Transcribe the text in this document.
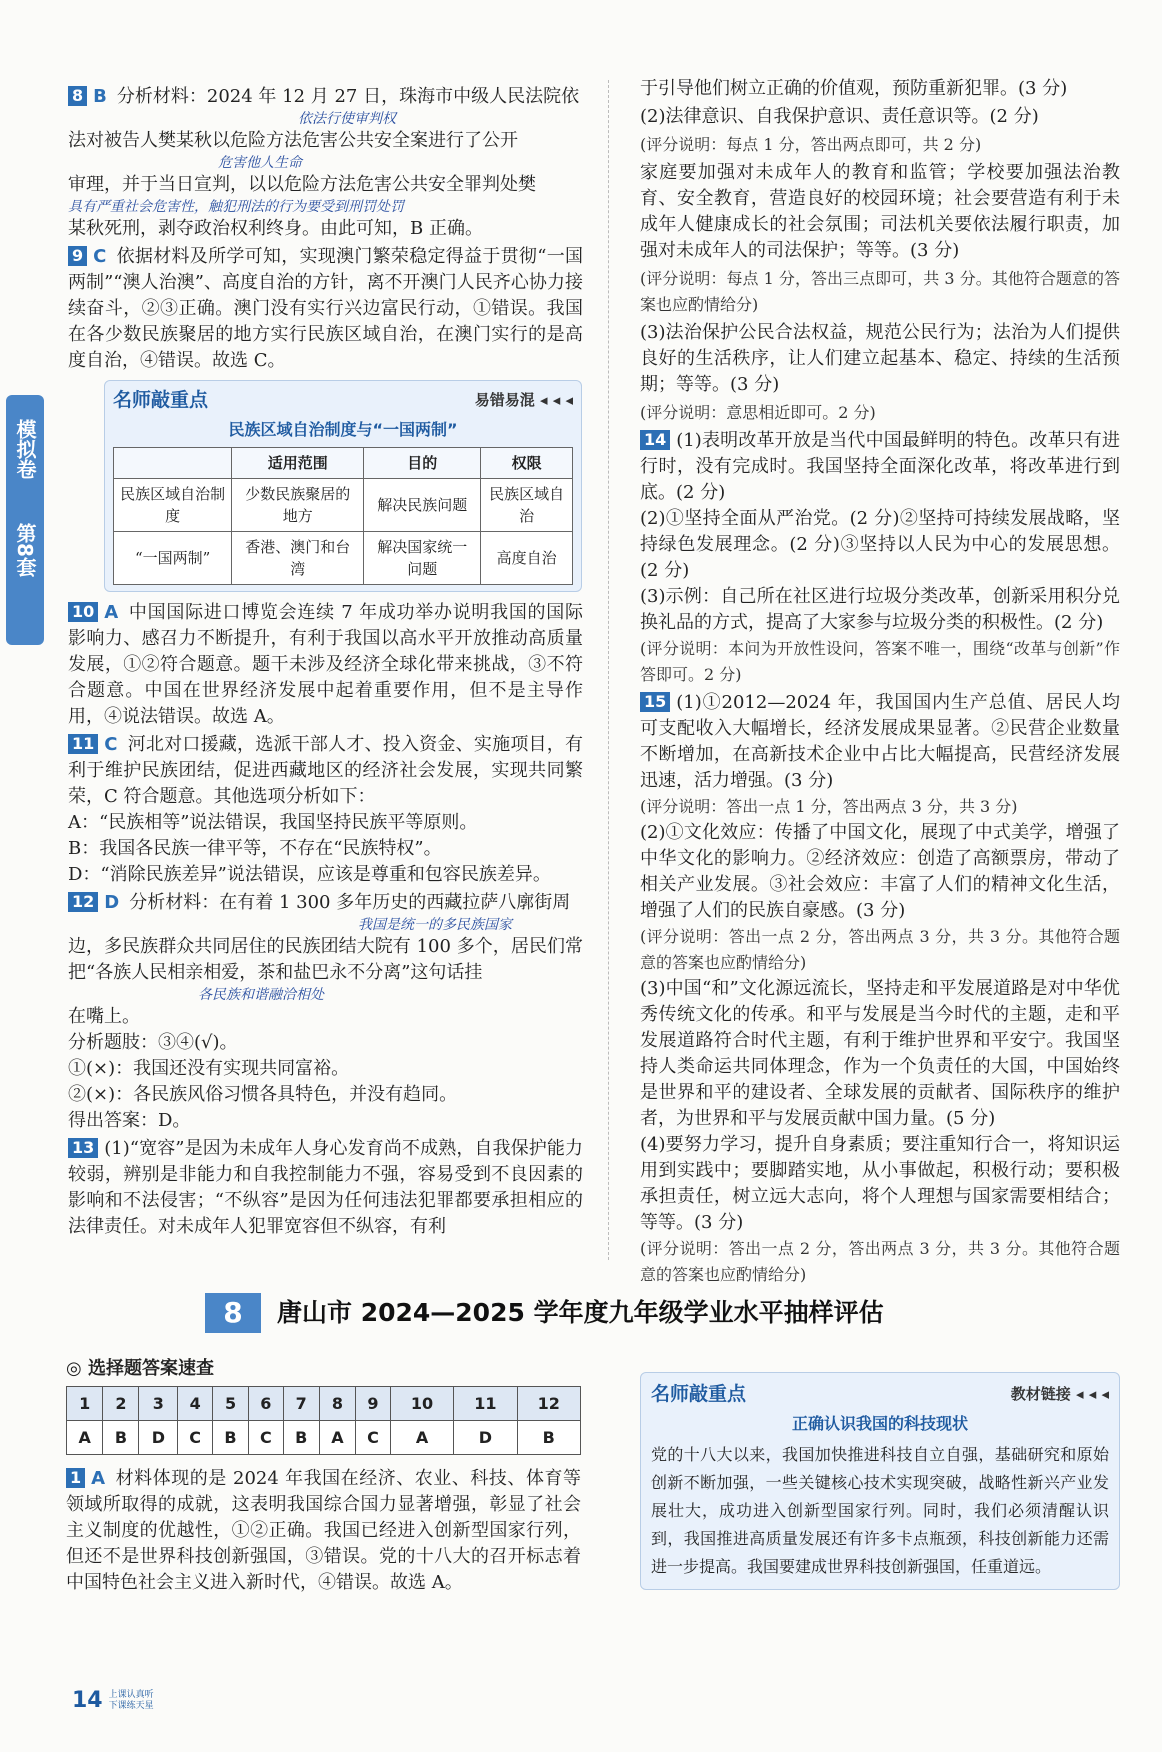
模拟卷
第8套
8 B 分析材料：2024 年 12 月 27 日，珠海市中级人民法院依
依法行使审判权
法对被告人樊某秋以危险方法危害公共安全案进行了公开
危害他人生命
审理，并于当日宣判，以以危险方法危害公共安全罪判处樊
具有严重社会危害性，触犯刑法的行为要受到刑罚处罚
某秋死刑，剥夺政治权利终身。由此可知，B 正确。
9 C 依据材料及所学可知，实现澳门繁荣稳定得益于贯彻“一国两制”“澳人治澳”、高度自治的方针，离不开澳门人民齐心协力接续奋斗，②③正确。澳门没有实行兴边富民行动，①错误。我国在各少数民族聚居的地方实行民族区域自治，在澳门实行的是高度自治，④错误。故选 C。
名师敲重点	易错易混 ◂ ◂ ◂
民族区域自治制度与“一国两制”
	适用范围	目的	权限
民族区域自治制度	少数民族聚居的地方	解决民族问题	民族区域自治
“一国两制”	香港、澳门和台湾	解决国家统一问题	高度自治
10 A 中国国际进口博览会连续 7 年成功举办说明我国的国际影响力、感召力不断提升，有利于我国以高水平开放推动高质量发展，①②符合题意。题干未涉及经济全球化带来挑战，③不符合题意。中国在世界经济发展中起着重要作用，但不是主导作用，④说法错误。故选 A。
11 C 河北对口援藏，选派干部人才、投入资金、实施项目，有利于维护民族团结，促进西藏地区的经济社会发展，实现共同繁荣，C 符合题意。其他选项分析如下：
A：“民族相等”说法错误，我国坚持民族平等原则。
B：我国各民族一律平等，不存在“民族特权”。
D：“消除民族差异”说法错误，应该是尊重和包容民族差异。
12 D 分析材料：在有着 1 300 多年历史的西藏拉萨八廓街周
我国是统一的多民族国家
边，多民族群众共同居住的民族团结大院有 100 多个，居民们常把“各族人民相亲相爱，茶和盐巴永不分离”这句话挂
各民族和谐融洽相处
在嘴上。
分析题肢：③④(√)。
①(×)：我国还没有实现共同富裕。
②(×)：各民族风俗习惯各具特色，并没有趋同。
得出答案：D。
13 (1)“宽容”是因为未成年人身心发育尚不成熟，自我保护能力较弱，辨别是非能力和自我控制能力不强，容易受到不良因素的影响和不法侵害；“不纵容”是因为任何违法犯罪都要承担相应的法律责任。对未成年人犯罪宽容但不纵容，有利
于引导他们树立正确的价值观，预防重新犯罪。(3 分)
(2)法律意识、自我保护意识、责任意识等。(2 分)
(评分说明：每点 1 分，答出两点即可，共 2 分)
家庭要加强对未成年人的教育和监管；学校要加强法治教育、安全教育，营造良好的校园环境；社会要营造有利于未成年人健康成长的社会氛围；司法机关要依法履行职责，加强对未成年人的司法保护；等等。(3 分)
(评分说明：每点 1 分，答出三点即可，共 3 分。其他符合题意的答案也应酌情给分)
(3)法治保护公民合法权益，规范公民行为；法治为人们提供良好的生活秩序，让人们建立起基本、稳定、持续的生活预期；等等。(3 分)
(评分说明：意思相近即可。2 分)
14 (1)表明改革开放是当代中国最鲜明的特色。改革只有进行时，没有完成时。我国坚持全面深化改革，将改革进行到底。(2 分)
(2)①坚持全面从严治党。(2 分)②坚持可持续发展战略，坚持绿色发展理念。(2 分)③坚持以人民为中心的发展思想。(2 分)
(3)示例：自己所在社区进行垃圾分类改革，创新采用积分兑换礼品的方式，提高了大家参与垃圾分类的积极性。(2 分)
(评分说明：本问为开放性设问，答案不唯一，围绕“改革与创新”作答即可。2 分)
15 (1)①2012—2024 年，我国国内生产总值、居民人均可支配收入大幅增长，经济发展成果显著。②民营企业数量不断增加，在高新技术企业中占比大幅提高，民营经济发展迅速，活力增强。(3 分)
(评分说明：答出一点 1 分，答出两点 3 分，共 3 分)
(2)①文化效应：传播了中国文化，展现了中式美学，增强了中华文化的影响力。②经济效应：创造了高额票房，带动了相关产业发展。③社会效应：丰富了人们的精神文化生活，增强了人们的民族自豪感。(3 分)
(评分说明：答出一点 2 分，答出两点 3 分，共 3 分。其他符合题意的答案也应酌情给分)
(3)中国“和”文化源远流长，坚持走和平发展道路是对中华优秀传统文化的传承。和平与发展是当今时代的主题，走和平发展道路符合时代主题，有利于维护世界和平安宁。我国坚持人类命运共同体理念，作为一个负责任的大国，中国始终是世界和平的建设者、全球发展的贡献者、国际秩序的维护者，为世界和平与发展贡献中国力量。(5 分)
(4)要努力学习，提升自身素质；要注重知行合一，将知识运用到实践中；要脚踏实地，从小事做起，积极行动；要积极承担责任，树立远大志向，将个人理想与国家需要相结合；等等。(3 分)
(评分说明：答出一点 2 分，答出两点 3 分，共 3 分。其他符合题意的答案也应酌情给分)
8	唐山市 2024—2025 学年度九年级学业水平抽样评估
◎ 选择题答案速查
1	2	3	4	5	6	7	8	9	10	11	12
A	B	D	C	B	C	B	A	C	A	D	B
1 A 材料体现的是 2024 年我国在经济、农业、科技、体育等领域所取得的成就，这表明我国综合国力显著增强，彰显了社会主义制度的优越性，①②正确。我国已经进入创新型国家行列，但还不是世界科技创新强国，③错误。党的十八大的召开标志着中国特色社会主义进入新时代，④错误。故选 A。
名师敲重点	教材链接 ◂ ◂ ◂
正确认识我国的科技现状
党的十八大以来，我国加快推进科技自立自强，基础研究和原始创新不断加强，一些关键核心技术实现突破，战略性新兴产业发展壮大，成功进入创新型国家行列。同时，我们必须清醒认识到，我国推进高质量发展还有许多卡点瓶颈，科技创新能力还需进一步提高。我国要建成世界科技创新强国，任重道远。
14 上课认真听
下课练天星
